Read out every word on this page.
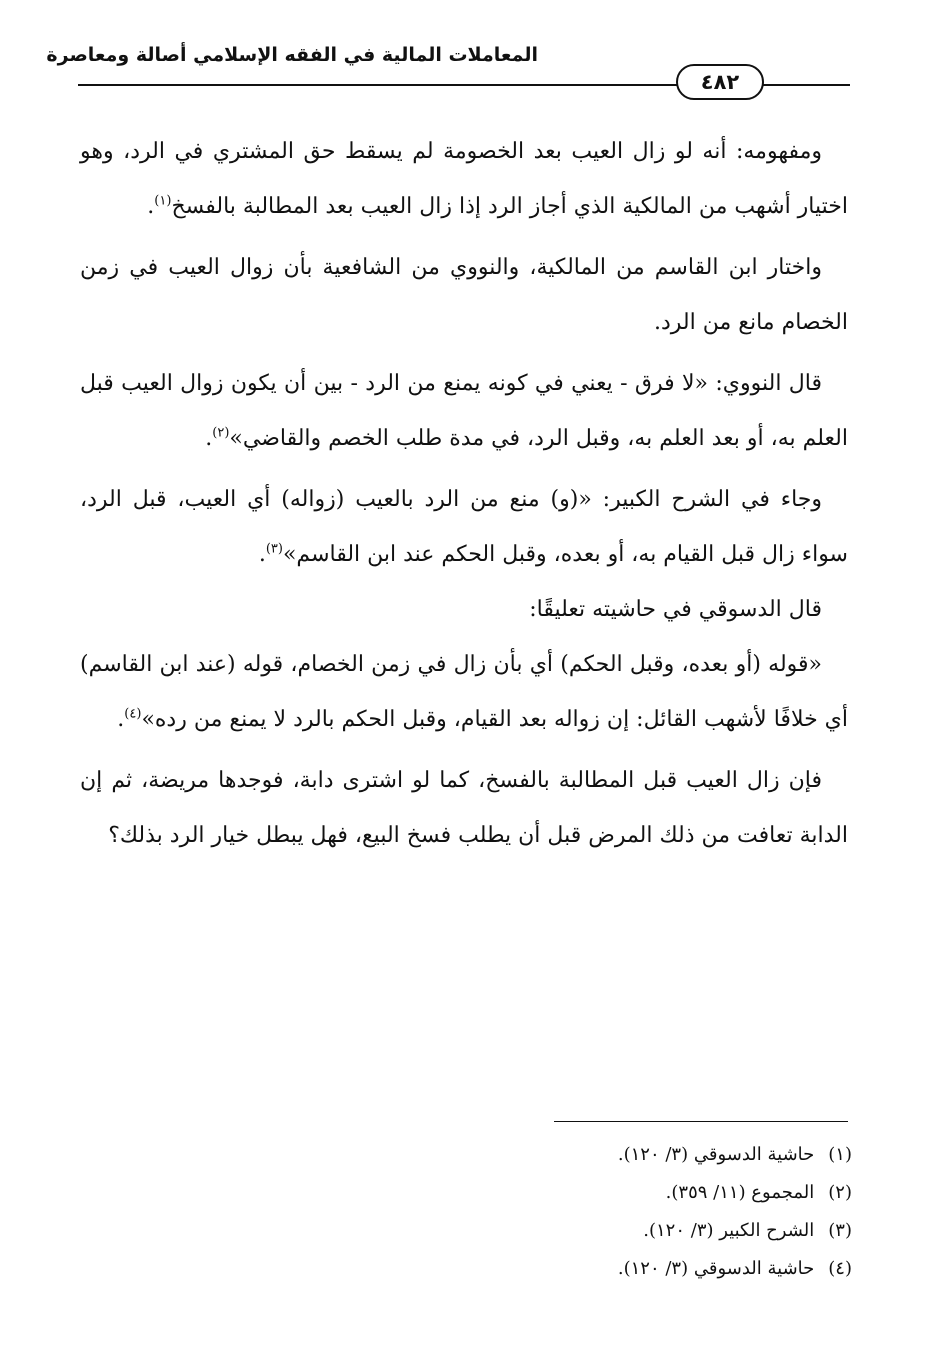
المعاملات المالية في الفقه الإسلامي أصالة ومعاصرة
٤٨٢

ومفهومه: أنه لو زال العيب بعد الخصومة لم يسقط حق المشتري في الرد، وهو اختيار أشهب من المالكية الذي أجاز الرد إذا زال العيب بعد المطالبة بالفسخ$^{(١)}$.

واختار ابن القاسم من المالكية، والنووي من الشافعية بأن زوال العيب في زمن الخصام مانع من الرد.

قال النووي: «لا فرق - يعني في كونه يمنع من الرد - بين أن يكون زوال العيب قبل العلم به، أو بعد العلم به، وقبل الرد، في مدة طلب الخصم والقاضي»$^{(٢)}$.

وجاء في الشرح الكبير: «(و) منع من الرد بالعيب (زواله) أي العيب، قبل الرد، سواء زال قبل القيام به، أو بعده، وقبل الحكم عند ابن القاسم»$^{(٣)}$.

قال الدسوقي في حاشيته تعليقًا:

«قوله (أو بعده، وقبل الحكم) أي بأن زال في زمن الخصام، قوله (عند ابن القاسم) أي خلافًا لأشهب القائل: إن زواله بعد القيام، وقبل الحكم بالرد لا يمنع من رده»$^{(٤)}$.

فإن زال العيب قبل المطالبة بالفسخ، كما لو اشترى دابة، فوجدها مريضة، ثم إن الدابة تعافت من ذلك المرض قبل أن يطلب فسخ البيع، فهل يبطل خيار الرد بذلك؟

(١)حاشية الدسوقي (٣/ ١٢٠).
(٢)المجموع (١١/ ٣٥٩).
(٣)الشرح الكبير (٣/ ١٢٠).
(٤)حاشية الدسوقي (٣/ ١٢٠).
